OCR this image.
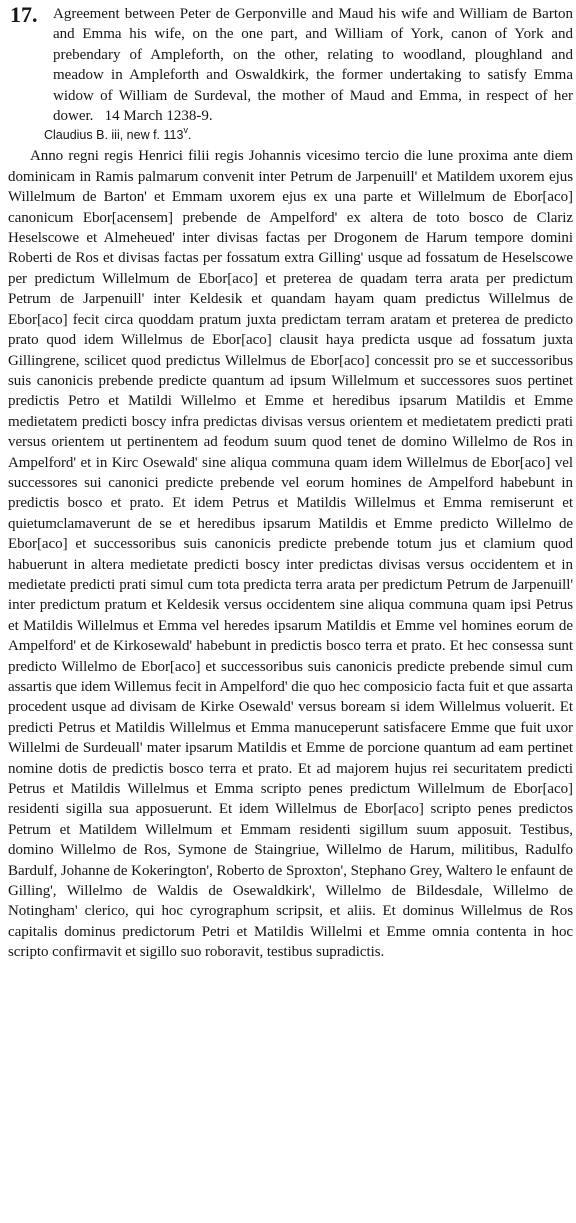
17. Agreement between Peter de Gerponville and Maud his wife and William de Barton and Emma his wife, on the one part, and William of York, canon of York and prebendary of Ampleforth, on the other, relating to woodland, ploughland and meadow in Ampleforth and Oswaldkirk, the former undertaking to satisfy Emma widow of William de Surdeval, the mother of Maud and Emma, in respect of her dower. 14 March 1238-9.
Claudius B. iii, new f. 113$^v$.

Anno regni regis Henrici filii regis Johannis vicesimo tercio die lune proxima ante diem dominicam in Ramis palmarum convenit inter Petrum de Jarpenuill' et Matildem uxorem ejus Willelmum de Barton' et Emmam uxorem ejus ex una parte et Willelmum de Ebor[aco] canonicum Ebor[acensem] prebende de Ampelford' ex altera de toto bosco de Clariz Heselscowe et Almeheued' inter divisas factas per Drogonem de Harum tempore domini Roberti de Ros et divisas factas per fossatum extra Gilling' usque ad fossatum de Heselscowe per predictum Willelmum de Ebor[aco] et preterea de quadam terra arata per predictum Petrum de Jarpenuill' inter Keldesik et quandam hayam quam predictus Willelmus de Ebor[aco] fecit circa quoddam pratum juxta predictam terram aratam et preterea de predicto prato quod idem Willelmus de Ebor[aco] clausit haya predicta usque ad fossatum juxta Gillingrene, scilicet quod predictus Willelmus de Ebor[aco] concessit pro se et successoribus suis canonicis prebende predicte quantum ad ipsum Willelmum et successores suos pertinet predictis Petro et Matildi Willelmo et Emme et heredibus ipsarum Matildis et Emme medietatem predicti boscy infra predictas divisas versus orientem et medietatem predicti prati versus orientem ut pertinentem ad feodum suum quod tenet de domino Willelmo de Ros in Ampelford' et in Kirc Osewald' sine aliqua communa quam idem Willelmus de Ebor[aco] vel successores sui canonici predicte prebende vel eorum homines de Ampelford habebunt in predictis bosco et prato. Et idem Petrus et Matildis Willelmus et Emma remiserunt et quietumclamaverunt de se et heredibus ipsarum Matildis et Emme predicto Willelmo de Ebor[aco] et successoribus suis canonicis predicte prebende totum jus et clamium quod habuerunt in altera medietate predicti boscy inter predictas divisas versus occidentem et in medietate predicti prati simul cum tota predicta terra arata per predictum Petrum de Jarpenuill' inter predictum pratum et Keldesik versus occidentem sine aliqua communa quam ipsi Petrus et Matildis Willelmus et Emma vel heredes ipsarum Matildis et Emme vel homines eorum de Ampelford' et de Kirkosewald' habebunt in predictis bosco terra et prato. Et hec consessa sunt predicto Willelmo de Ebor[aco] et successoribus suis canonicis predicte prebende simul cum assartis que idem Willemus fecit in Ampelford' die quo hec composicio facta fuit et que assarta procedent usque ad divisam de Kirke Osewald' versus boream si idem Willelmus voluerit. Et predicti Petrus et Matildis Willelmus et Emma manuceperunt satisfacere Emme que fuit uxor Willelmi de Surdeuall' mater ipsarum Matildis et Emme de porcione quantum ad eam pertinet nomine dotis de predictis bosco terra et prato. Et ad majorem hujus rei securitatem predicti Petrus et Matildis Willelmus et Emma scripto penes predictum Willelmum de Ebor[aco] residenti sigilla sua apposuerunt. Et idem Willelmus de Ebor[aco] scripto penes predictos Petrum et Matildem Willelmum et Emmam residenti sigillum suum apposuit. Testibus, domino Willelmo de Ros, Symone de Staingriue, Willelmo de Harum, militibus, Radulfo Bardulf, Johanne de Kokerington', Roberto de Sproxton', Stephano Grey, Waltero le enfaunt de Gilling', Willelmo de Waldis de Osewaldkirk', Willelmo de Bildesdale, Willelmo de Notingham' clerico, qui hoc cyrographum scripsit, et aliis. Et dominus Willelmus de Ros capitalis dominus predictorum Petri et Matildis Willelmi et Emme omnia contenta in hoc scripto confirmavit et sigillo suo roboravit, testibus supradictis.
